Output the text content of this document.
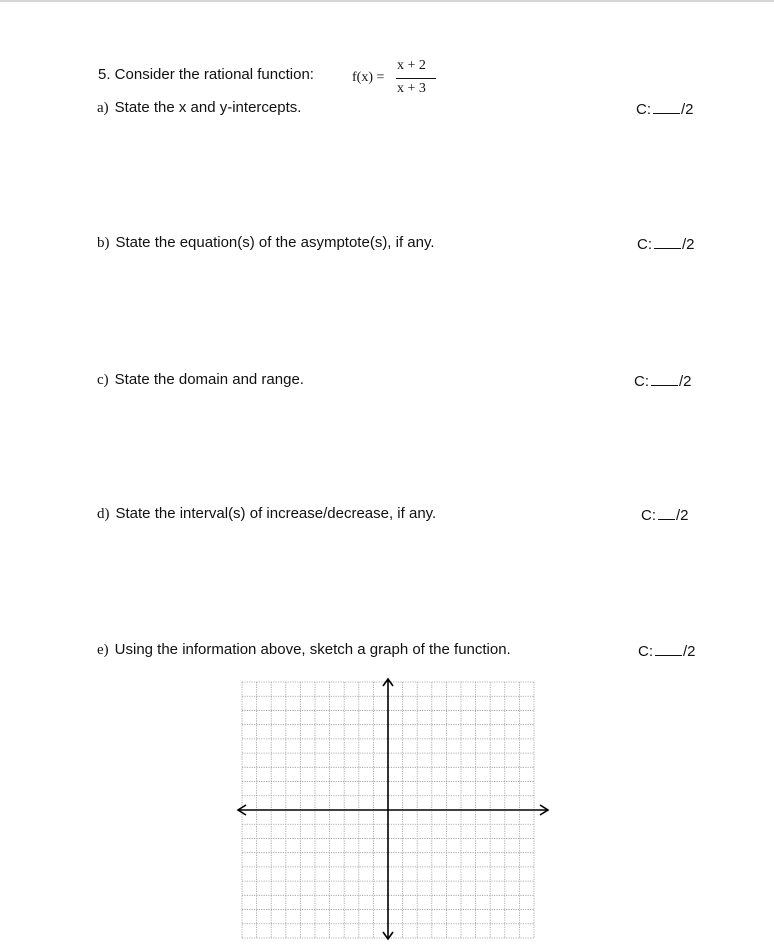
5. Consider the rational function:	f(x) =
x + 2
x + 3
a) State the x and y-intercepts.	C: /2
b) State the equation(s) of the asymptote(s), if any.	C: /2
c) State the domain and range.	C: /2
d) State the interval(s) of increase/decrease, if any.	C: /2
e) Using the information above, sketch a graph of the function.	C: /2
